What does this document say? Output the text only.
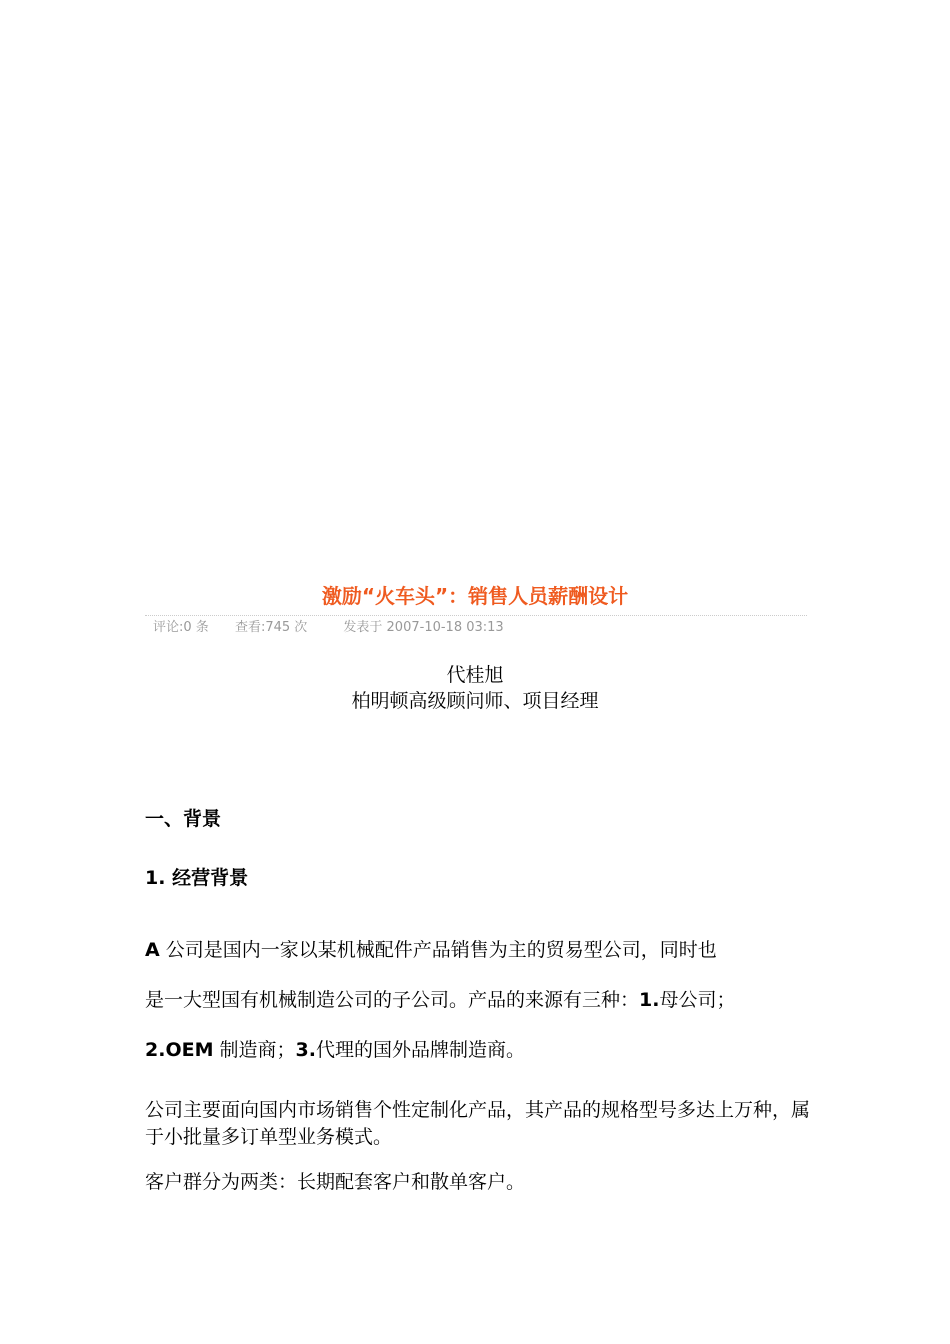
激励“火车头”：销售人员薪酬设计
评论:0 条 查看:745 次	发表于 2007-10-18 03:13
代桂旭
柏明顿高级顾问师、项目经理
一、背景
1. 经营背景
A 公司是国内一家以某机械配件产品销售为主的贸易型公司，同时也
是一大型国有机械制造公司的子公司。产品的来源有三种：1.母公司；
2.OEM 制造商；3.代理的国外品牌制造商。
公司主要面向国内市场销售个性定制化产品，其产品的规格型号多达上万种，属于小批量多订单型业务模式。
客户群分为两类：长期配套客户和散单客户。
